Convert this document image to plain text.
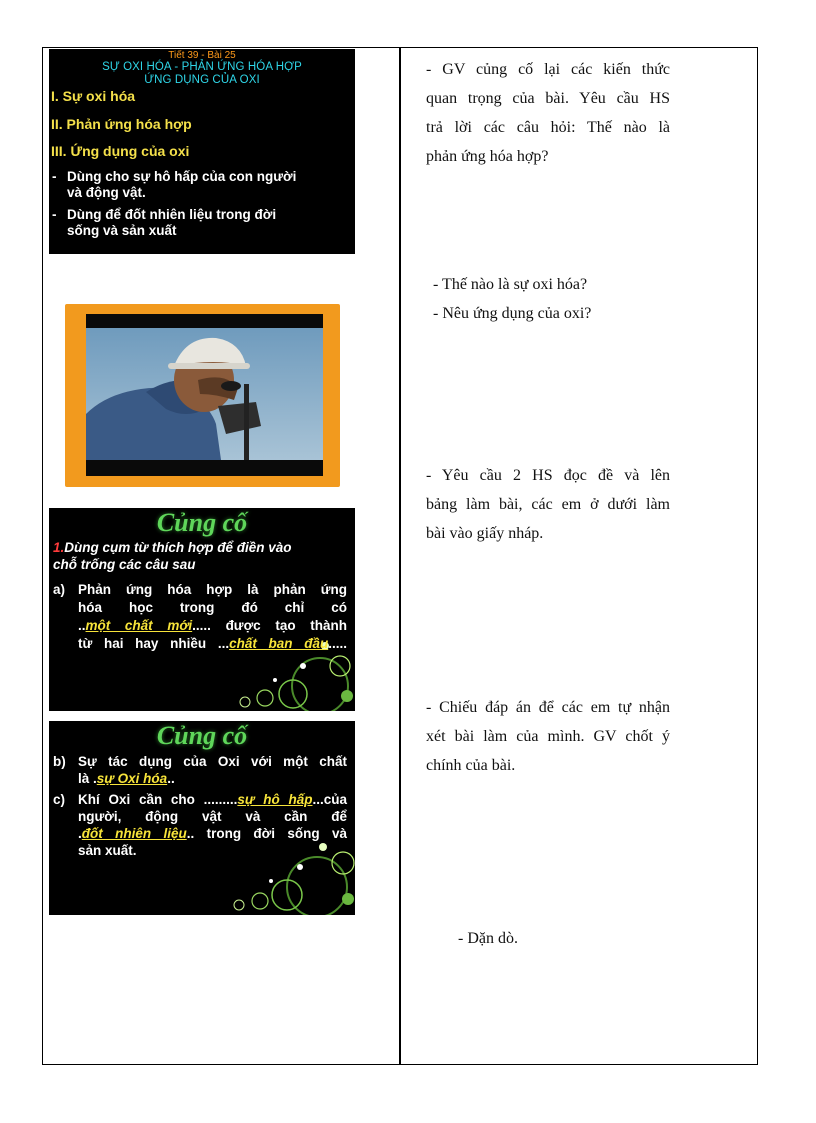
Tiết 39 - Bài 25
SỰ OXI HÓA - PHẢN ỨNG HÓA HỢP
ỨNG DỤNG CỦA OXI
I. Sự oxi hóa
II. Phản ứng hóa hợp
III. Ứng dụng của oxi
- Dùng cho sự hô hấp của con người
và động vật.
- Dùng để đốt nhiên liệu trong đời
sống và sản xuất
Củng cố
1.Dùng cụm từ thích hợp để điền vào
chỗ trống các câu sau
a) Phản ứng hóa hợp là phản ứng
hóa học trong đó chỉ có
..một chất mới..... được tạo thành
từ hai hay nhiều ...chất ban đầu.....
Củng cố
b) Sự tác dụng của Oxi với một chất
là .sự Oxi hóa..
c) Khí Oxi cần cho .........sự hô hấp...của
người, động vật và cần để
.đốt nhiên liệu.. trong đời sống và
sản xuất.
- GV củng cố lại các kiến thức
quan trọng của bài. Yêu cầu HS
trả lời các câu hỏi: Thế nào là
phản ứng hóa hợp?
- Thế nào là sự oxi hóa?
- Nêu ứng dụng của oxi?
- Yêu cầu 2 HS đọc đề và lên
bảng làm bài, các em ở dưới làm
bài vào giấy nháp.
- Chiếu đáp án để các em tự nhận
xét bài làm của mình. GV chốt ý
chính của bài.
- Dặn dò.
